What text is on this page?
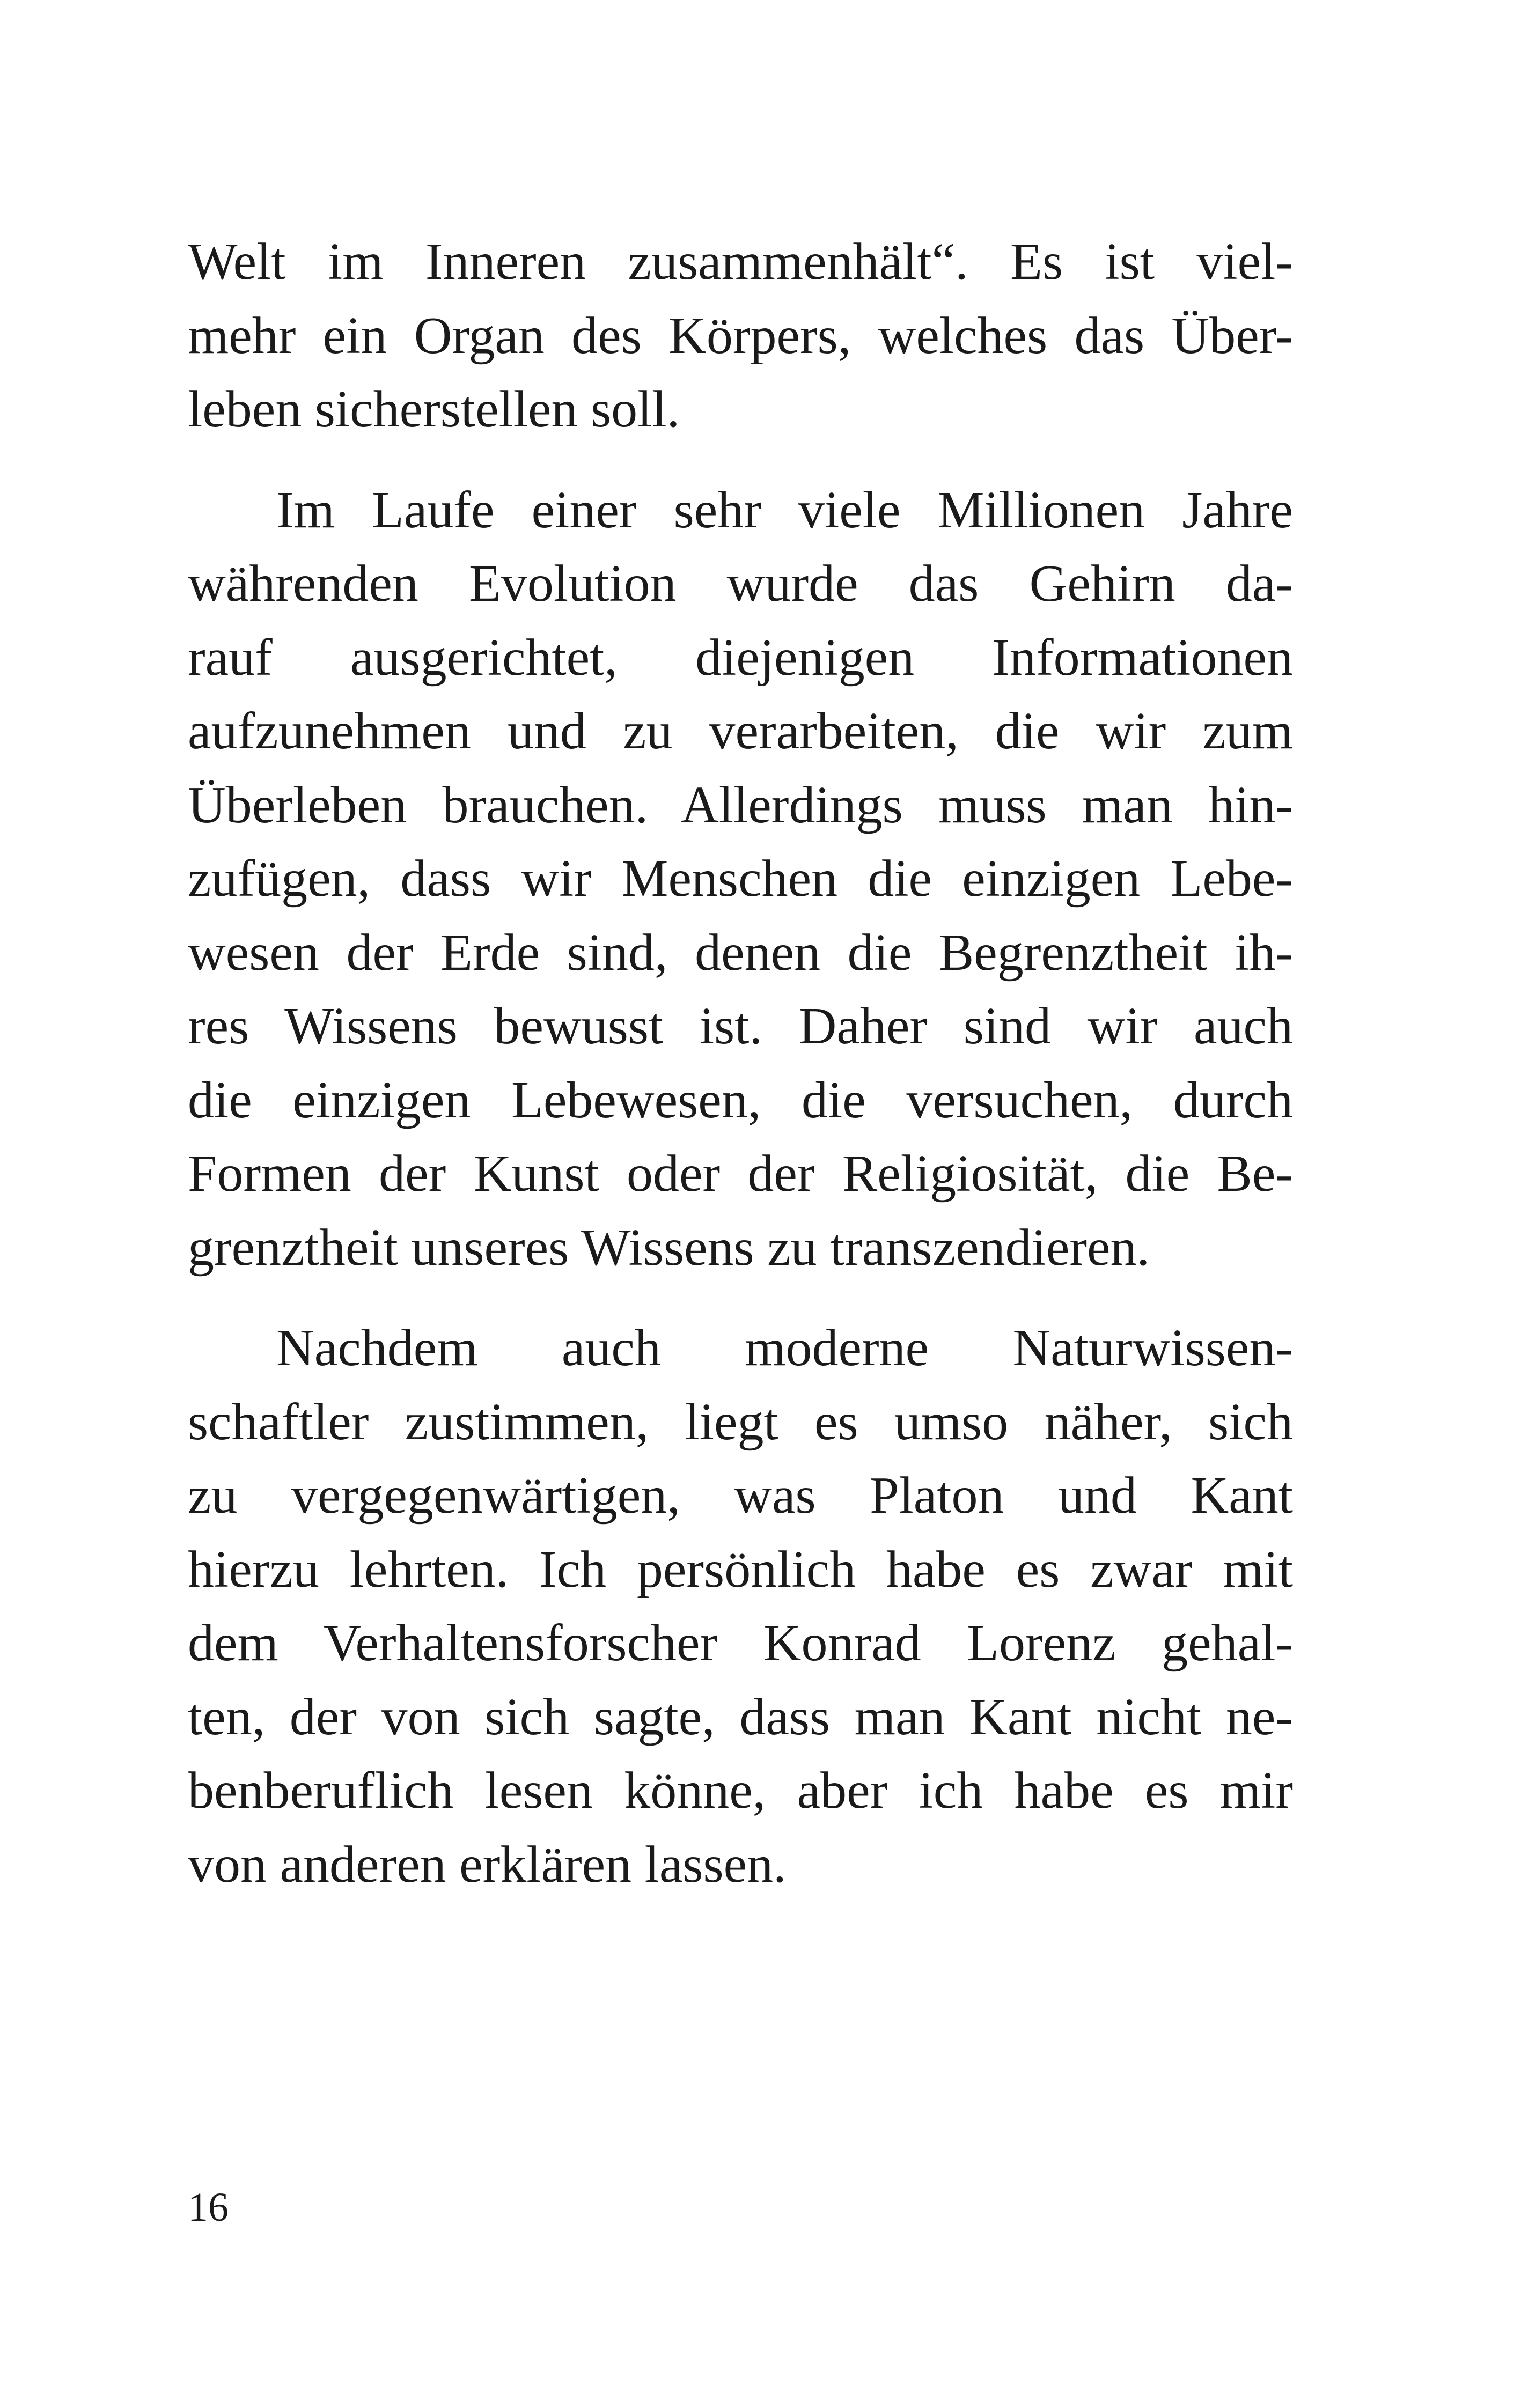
Welt im Inneren zusammenhält“. Es ist viel-
mehr ein Organ des Körpers, welches das Über-
leben sicherstellen soll.
Im Laufe einer sehr viele Millionen Jahre
währenden Evolution wurde das Gehirn da-
rauf ausgerichtet, diejenigen Informationen
aufzunehmen und zu verarbeiten, die wir zum
Überleben brauchen. Allerdings muss man hin-
zufügen, dass wir Menschen die einzigen Lebe-
wesen der Erde sind, denen die Begrenztheit ih-
res Wissens bewusst ist. Daher sind wir auch
die einzigen Lebewesen, die versuchen, durch
Formen der Kunst oder der Religiosität, die Be-
grenztheit unseres Wissens zu transzendieren.
Nachdem auch moderne Naturwissen-
schaftler zustimmen, liegt es umso näher, sich
zu vergegenwärtigen, was Platon und Kant
hierzu lehrten. Ich persönlich habe es zwar mit
dem Verhaltensforscher Konrad Lorenz gehal-
ten, der von sich sagte, dass man Kant nicht ne-
benberuflich lesen könne, aber ich habe es mir
von anderen erklären lassen.
16
